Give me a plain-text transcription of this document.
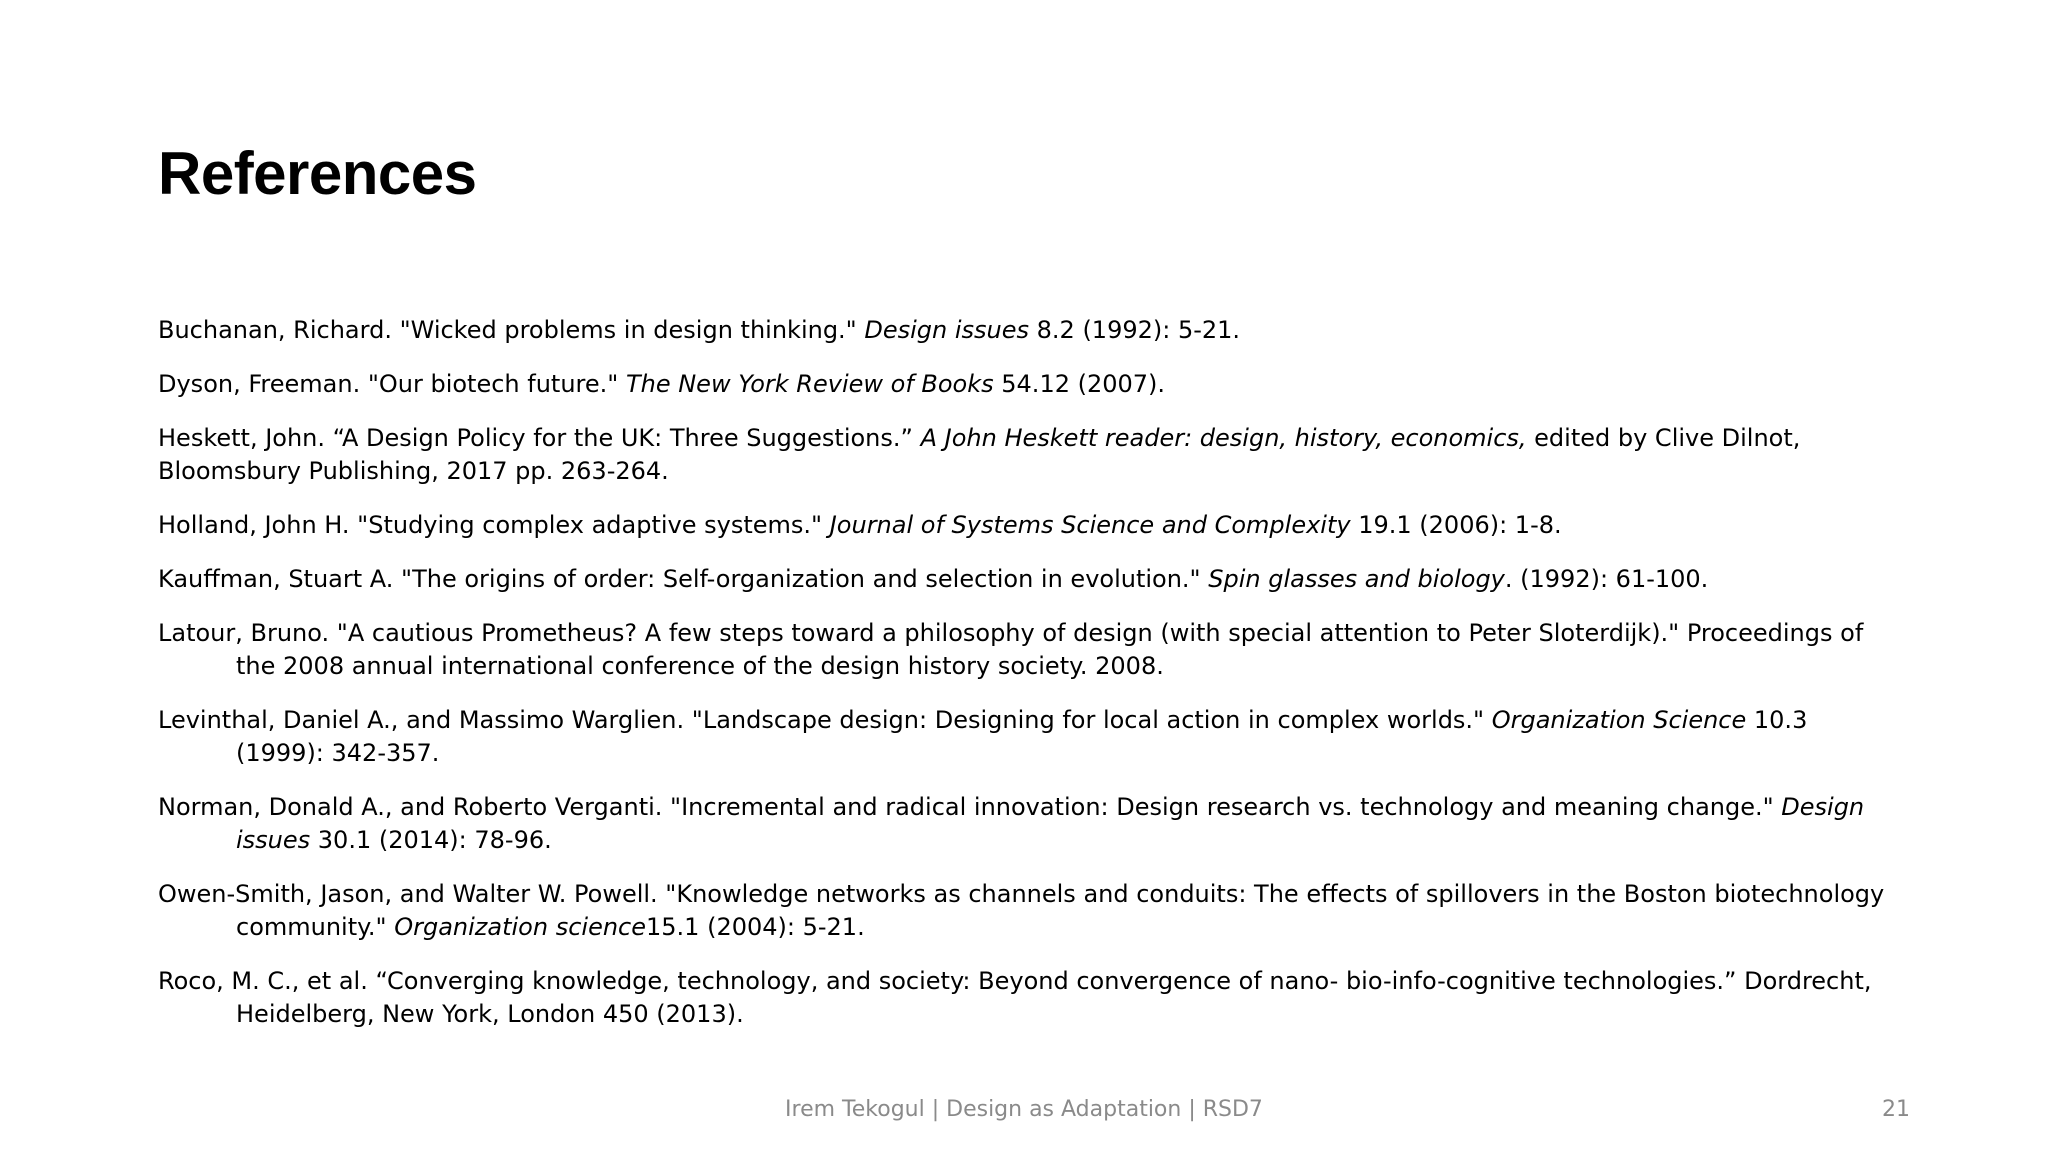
References
Buchanan, Richard. "Wicked problems in design thinking." Design issues 8.2 (1992): 5-21.
Dyson, Freeman. "Our biotech future." The New York Review of Books 54.12 (2007).
Heskett, John. “A Design Policy for the UK: Three Suggestions.” A John Heskett reader: design, history, economics, edited by Clive Dilnot, Bloomsbury Publishing, 2017 pp. 263-264.
Holland, John H. "Studying complex adaptive systems." Journal of Systems Science and Complexity 19.1 (2006): 1-8.
Kauffman, Stuart A. "The origins of order: Self-organization and selection in evolution." Spin glasses and biology. (1992): 61-100.
Latour, Bruno. "A cautious Prometheus? A few steps toward a philosophy of design (with special attention to Peter Sloterdijk)." Proceedings of the 2008 annual international conference of the design history society. 2008.
Levinthal, Daniel A., and Massimo Warglien. "Landscape design: Designing for local action in complex worlds." Organization Science 10.3 (1999): 342-357.
Norman, Donald A., and Roberto Verganti. "Incremental and radical innovation: Design research vs. technology and meaning change." Design issues 30.1 (2014): 78-96.
Owen-Smith, Jason, and Walter W. Powell. "Knowledge networks as channels and conduits: The effects of spillovers in the Boston biotechnology community." Organization science15.1 (2004): 5-21.
Roco, M. C., et al. “Converging knowledge, technology, and society: Beyond convergence of nano- bio-info-cognitive technologies.” Dordrecht, Heidelberg, New York, London 450 (2013).
Irem Tekogul | Design as Adaptation | RSD7	21
